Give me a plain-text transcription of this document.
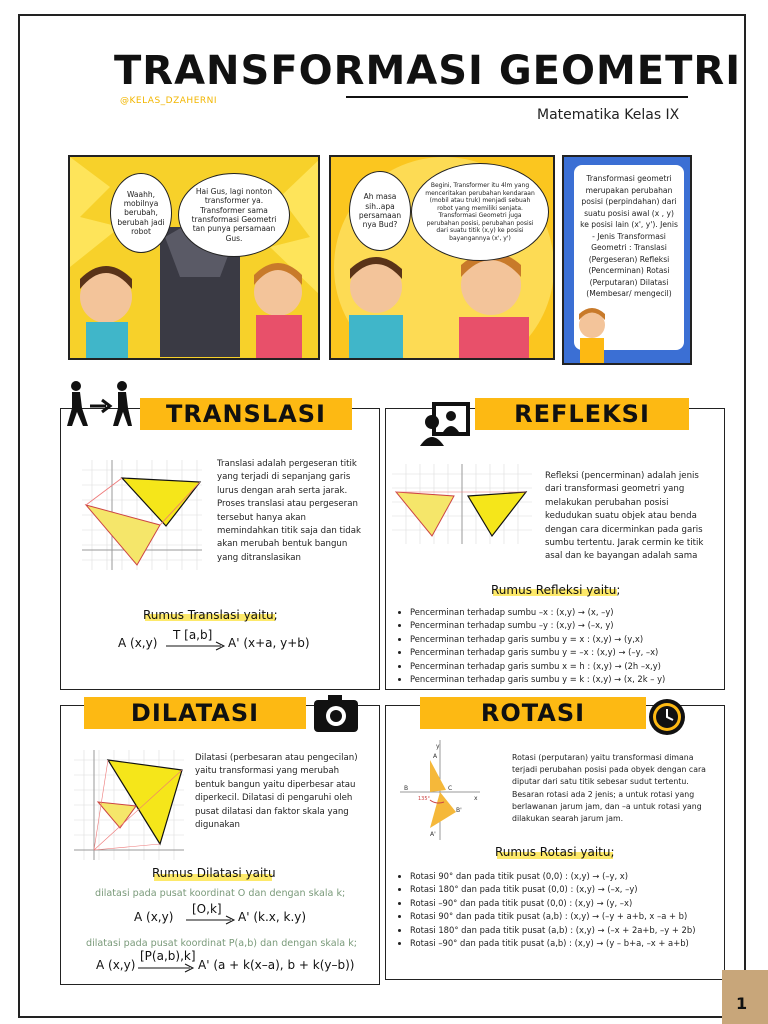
TRANSFORMASI GEOMETRI
@KELAS_DZAHERNI
Matematika Kelas IX
Waahh, mobilnya berubah, berubah jadi robot
Hai Gus, lagi nonton transformer ya. Transformer sama transformasi Geometri tan punya persamaan Gus.
Ah masa sih..apa persamaan nya Bud?
Begini, Transformer itu 4lm yang menceritakan perubahan kendaraan (mobil atau truk) menjadi sebuah robot yang memiliki senjata. Transformasi Geometri juga perubahan posisi, perubahan posisi dari suatu titik (x,y) ke posisi bayangannya (x', y')
Transformasi geometri merupakan perubahan posisi (perpindahan) dari suatu posisi awal (x , y) ke posisi lain (x', y'). Jenis - Jenis Transformasi Geometri : Translasi (Pergeseran) Refleksi (Pencerminan) Rotasi (Perputaran) Dilatasi (Membesar/ mengecil)
TRANSLASI
Translasi adalah pergeseran titik yang terjadi di sepanjang garis lurus dengan arah serta jarak. Proses translasi atau pergeseran tersebut hanya akan memindahkan titik saja dan tidak akan merubah bentuk bangun yang ditranslasikan
Rumus Translasi yaitu;
A (x,y)
T [a,b]
A' (x+a, y+b)
REFLEKSI
Refleksi (pencerminan) adalah jenis dari transformasi geometri yang melakukan perubahan posisi kedudukan suatu objek atau benda dengan cara dicerminkan pada garis sumbu tertentu. Jarak cermin ke titik asal dan ke bayangan adalah sama
Rumus Refleksi yaitu;
• Pencerminan terhadap sumbu –x : (x,y) → (x, –y)
• Pencerminan terhadap sumbu –y : (x,y) → (–x, y)
• Pencerminan terhadap garis sumbu y = x : (x,y) → (y,x)
• Pencerminan terhadap garis sumbu y = –x : (x,y) → (–y, –x)
• Pencerminan terhadap garis sumbu x = h : (x,y) → (2h –x,y)
• Pencerminan terhadap garis sumbu y = k : (x,y) → (x, 2k – y)
DILATASI
Dilatasi (perbesaran atau pengecilan) yaitu transformasi yang merubah bentuk bangun yaitu diperbesar atau diperkecil. Dilatasi di pengaruhi oleh pusat dilatasi dan faktor skala yang digunakan
Rumus Dilatasi yaitu
dilatasi pada pusat koordinat O dan dengan skala k;
A (x,y)
[O,k]
A' (k.x, k.y)
dilatasi pada pusat koordinat P(a,b) dan dengan skala k;
A (x,y)
[P(a,b),k]
A' (a + k(x–a), b + k(y–b))
ROTASI
y
x
A
B	C
B'
A'
135°
Rotasi (perputaran) yaitu transformasi dimana terjadi perubahan posisi pada obyek dengan cara diputar dari satu titik sebesar sudut tertentu. Besaran rotasi ada 2 jenis; a untuk rotasi yang berlawanan jarum jam, dan –a untuk rotasi yang dilakukan searah jarum jam.
Rumus Rotasi yaitu;
• Rotasi 90° dan pada titik pusat (0,0) : (x,y) → (–y, x)
• Rotasi 180° dan pada titik pusat (0,0) : (x,y) → (–x, –y)
• Rotasi –90° dan pada titik pusat (0,0) : (x,y) → (y, –x)
• Rotasi 90° dan pada titik pusat (a,b) : (x,y) → (–y + a+b, x –a + b)
• Rotasi 180° dan pada titik pusat (a,b) : (x,y) → (–x + 2a+b, –y + 2b)
• Rotasi –90° dan pada titik pusat (a,b) : (x,y) → (y – b+a, –x + a+b)
1
